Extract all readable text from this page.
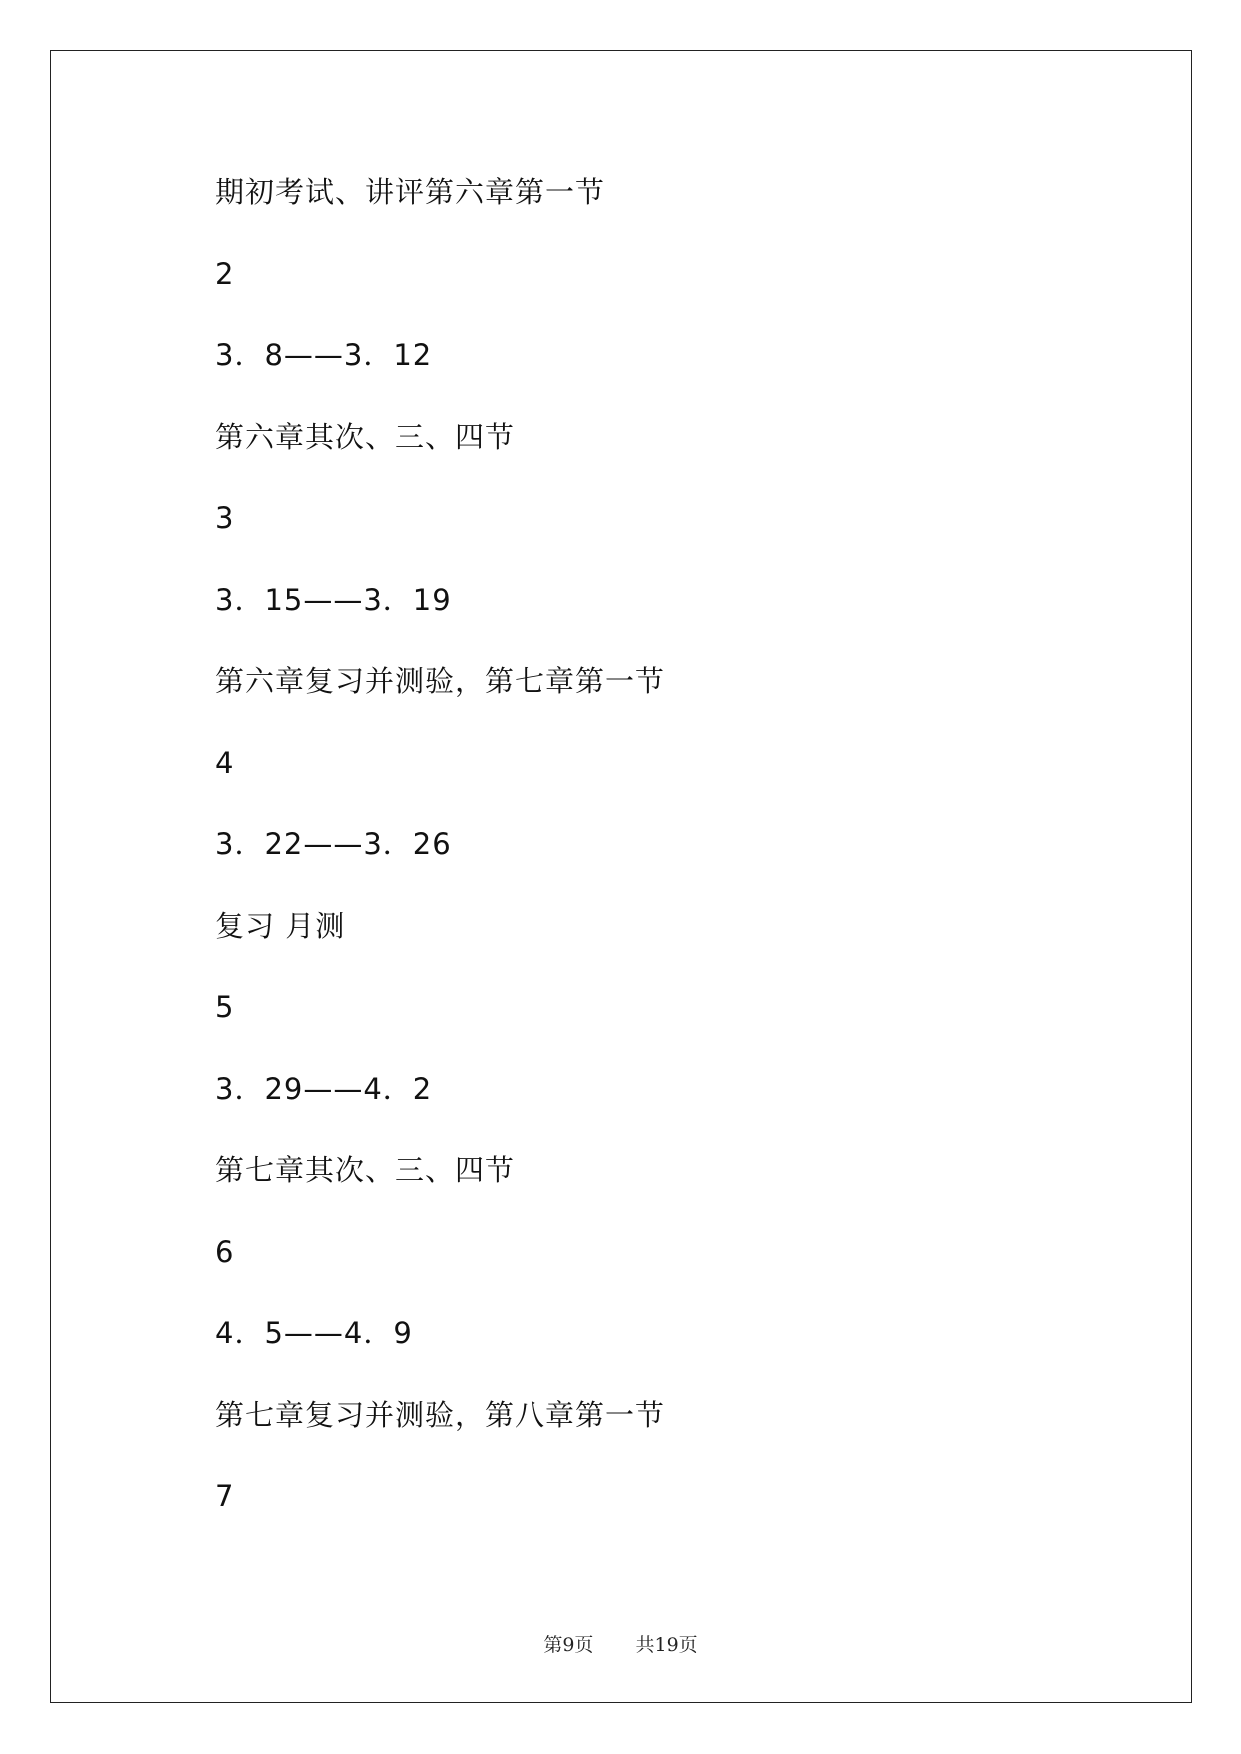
期初考试、讲评第六章第一节
2
3．8——3．12
第六章其次、三、四节
3
3．15——3．19
第六章复习并测验，第七章第一节
4
3．22——3．26
复习 月测
5
3．29——4．2
第七章其次、三、四节
6
4．5——4．9
第七章复习并测验，第八章第一节
7
第9页 共19页
